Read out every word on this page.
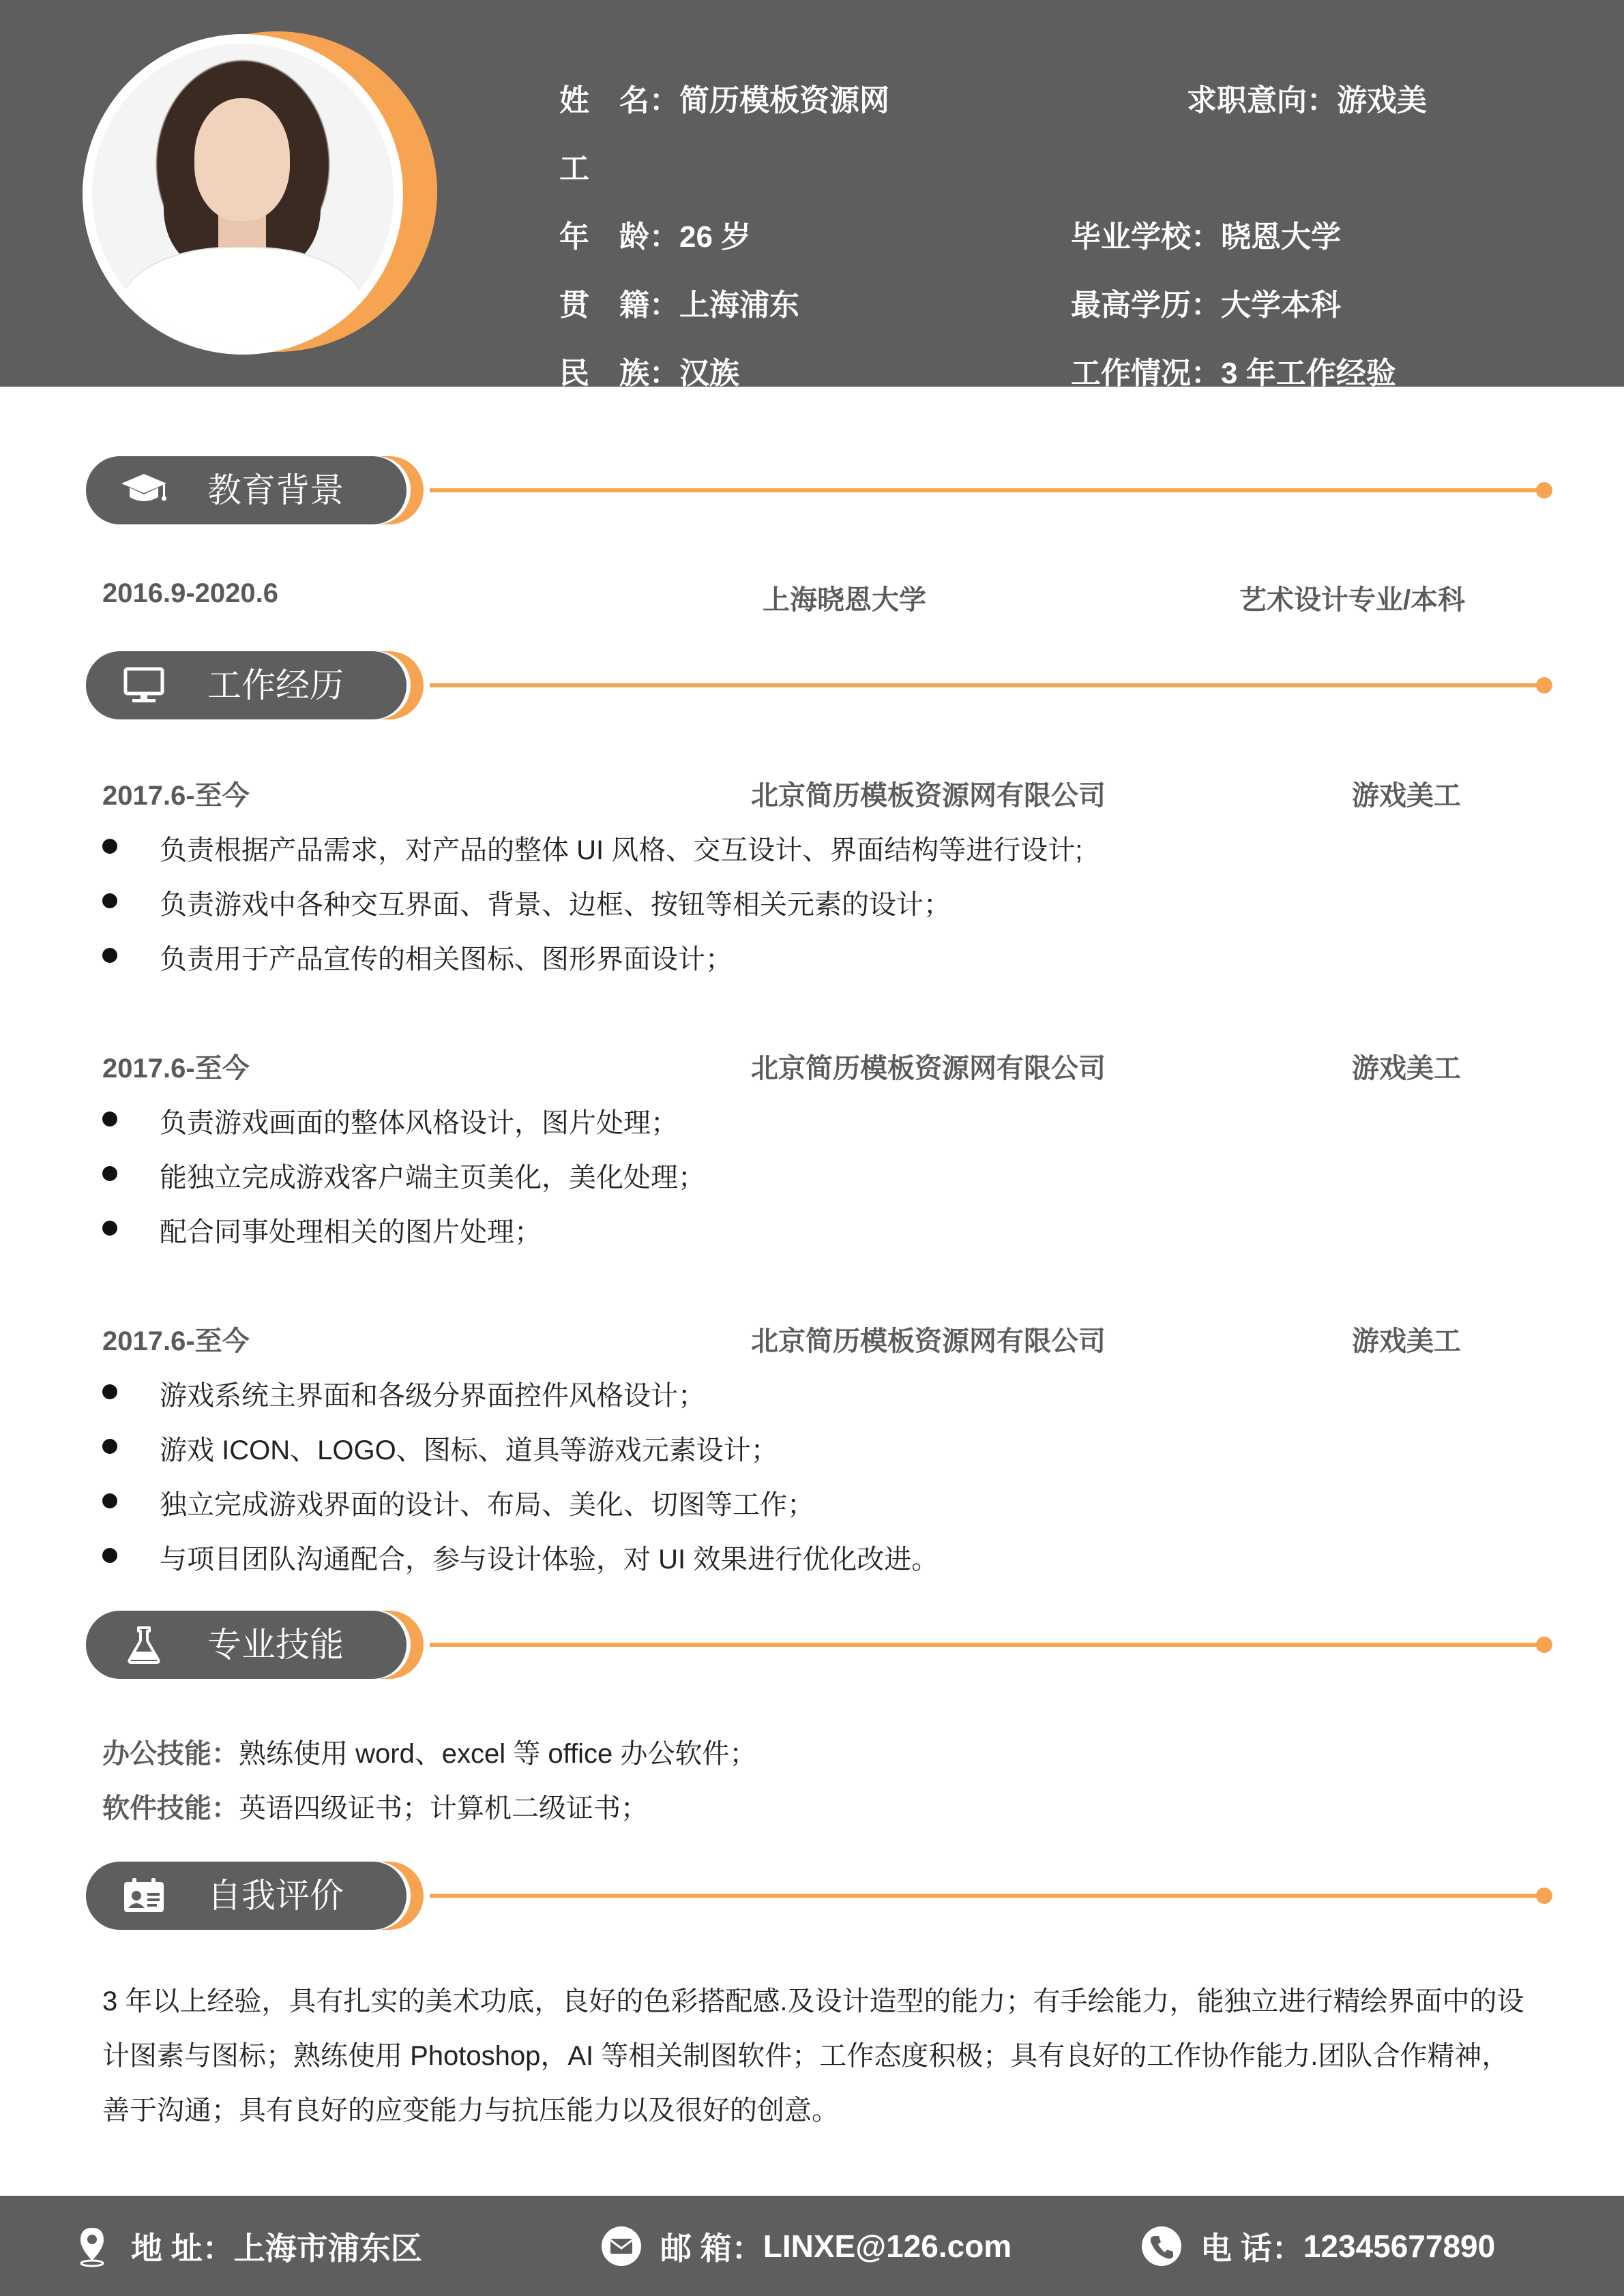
姓　名：简历模板资源网	求职意向：游戏美
工
年　龄：26 岁	毕业学校：晓恩大学
贯　籍：上海浦东	最高学历：大学本科
民　族：汉族	工作情况：3 年工作经验
教育背景
2016.9-2020.6	上海晓恩大学	艺术设计专业/本科
工作经历
2017.6-至今	北京简历模板资源网有限公司	游戏美工
负责根据产品需求，对产品的整体 UI 风格、交互设计、界面结构等进行设计;
负责游戏中各种交互界面、背景、边框、按钮等相关元素的设计；
负责用于产品宣传的相关图标、图形界面设计；
2017.6-至今	北京简历模板资源网有限公司	游戏美工
负责游戏画面的整体风格设计，图片处理；
能独立完成游戏客户端主页美化，美化处理；
配合同事处理相关的图片处理；
2017.6-至今	北京简历模板资源网有限公司	游戏美工
游戏系统主界面和各级分界面控件风格设计；
游戏 ICON、LOGO、图标、道具等游戏元素设计；
独立完成游戏界面的设计、布局、美化、切图等工作；
与项目团队沟通配合，参与设计体验，对 UI 效果进行优化改进。
专业技能
办公技能：熟练使用 word、excel 等 office 办公软件；
软件技能：英语四级证书；计算机二级证书；
自我评价
3 年以上经验，具有扎实的美术功底，良好的色彩搭配感.及设计造型的能力；有手绘能力，能独立进行精绘界面中的设计图素与图标；熟练使用 Photoshop，AI 等相关制图软件；工作态度积极；具有良好的工作协作能力.团队合作精神，善于沟通；具有良好的应变能力与抗压能力以及很好的创意。
地 址： 上海市浦东区	邮 箱： LINXE@126.com	电 话： 12345677890
